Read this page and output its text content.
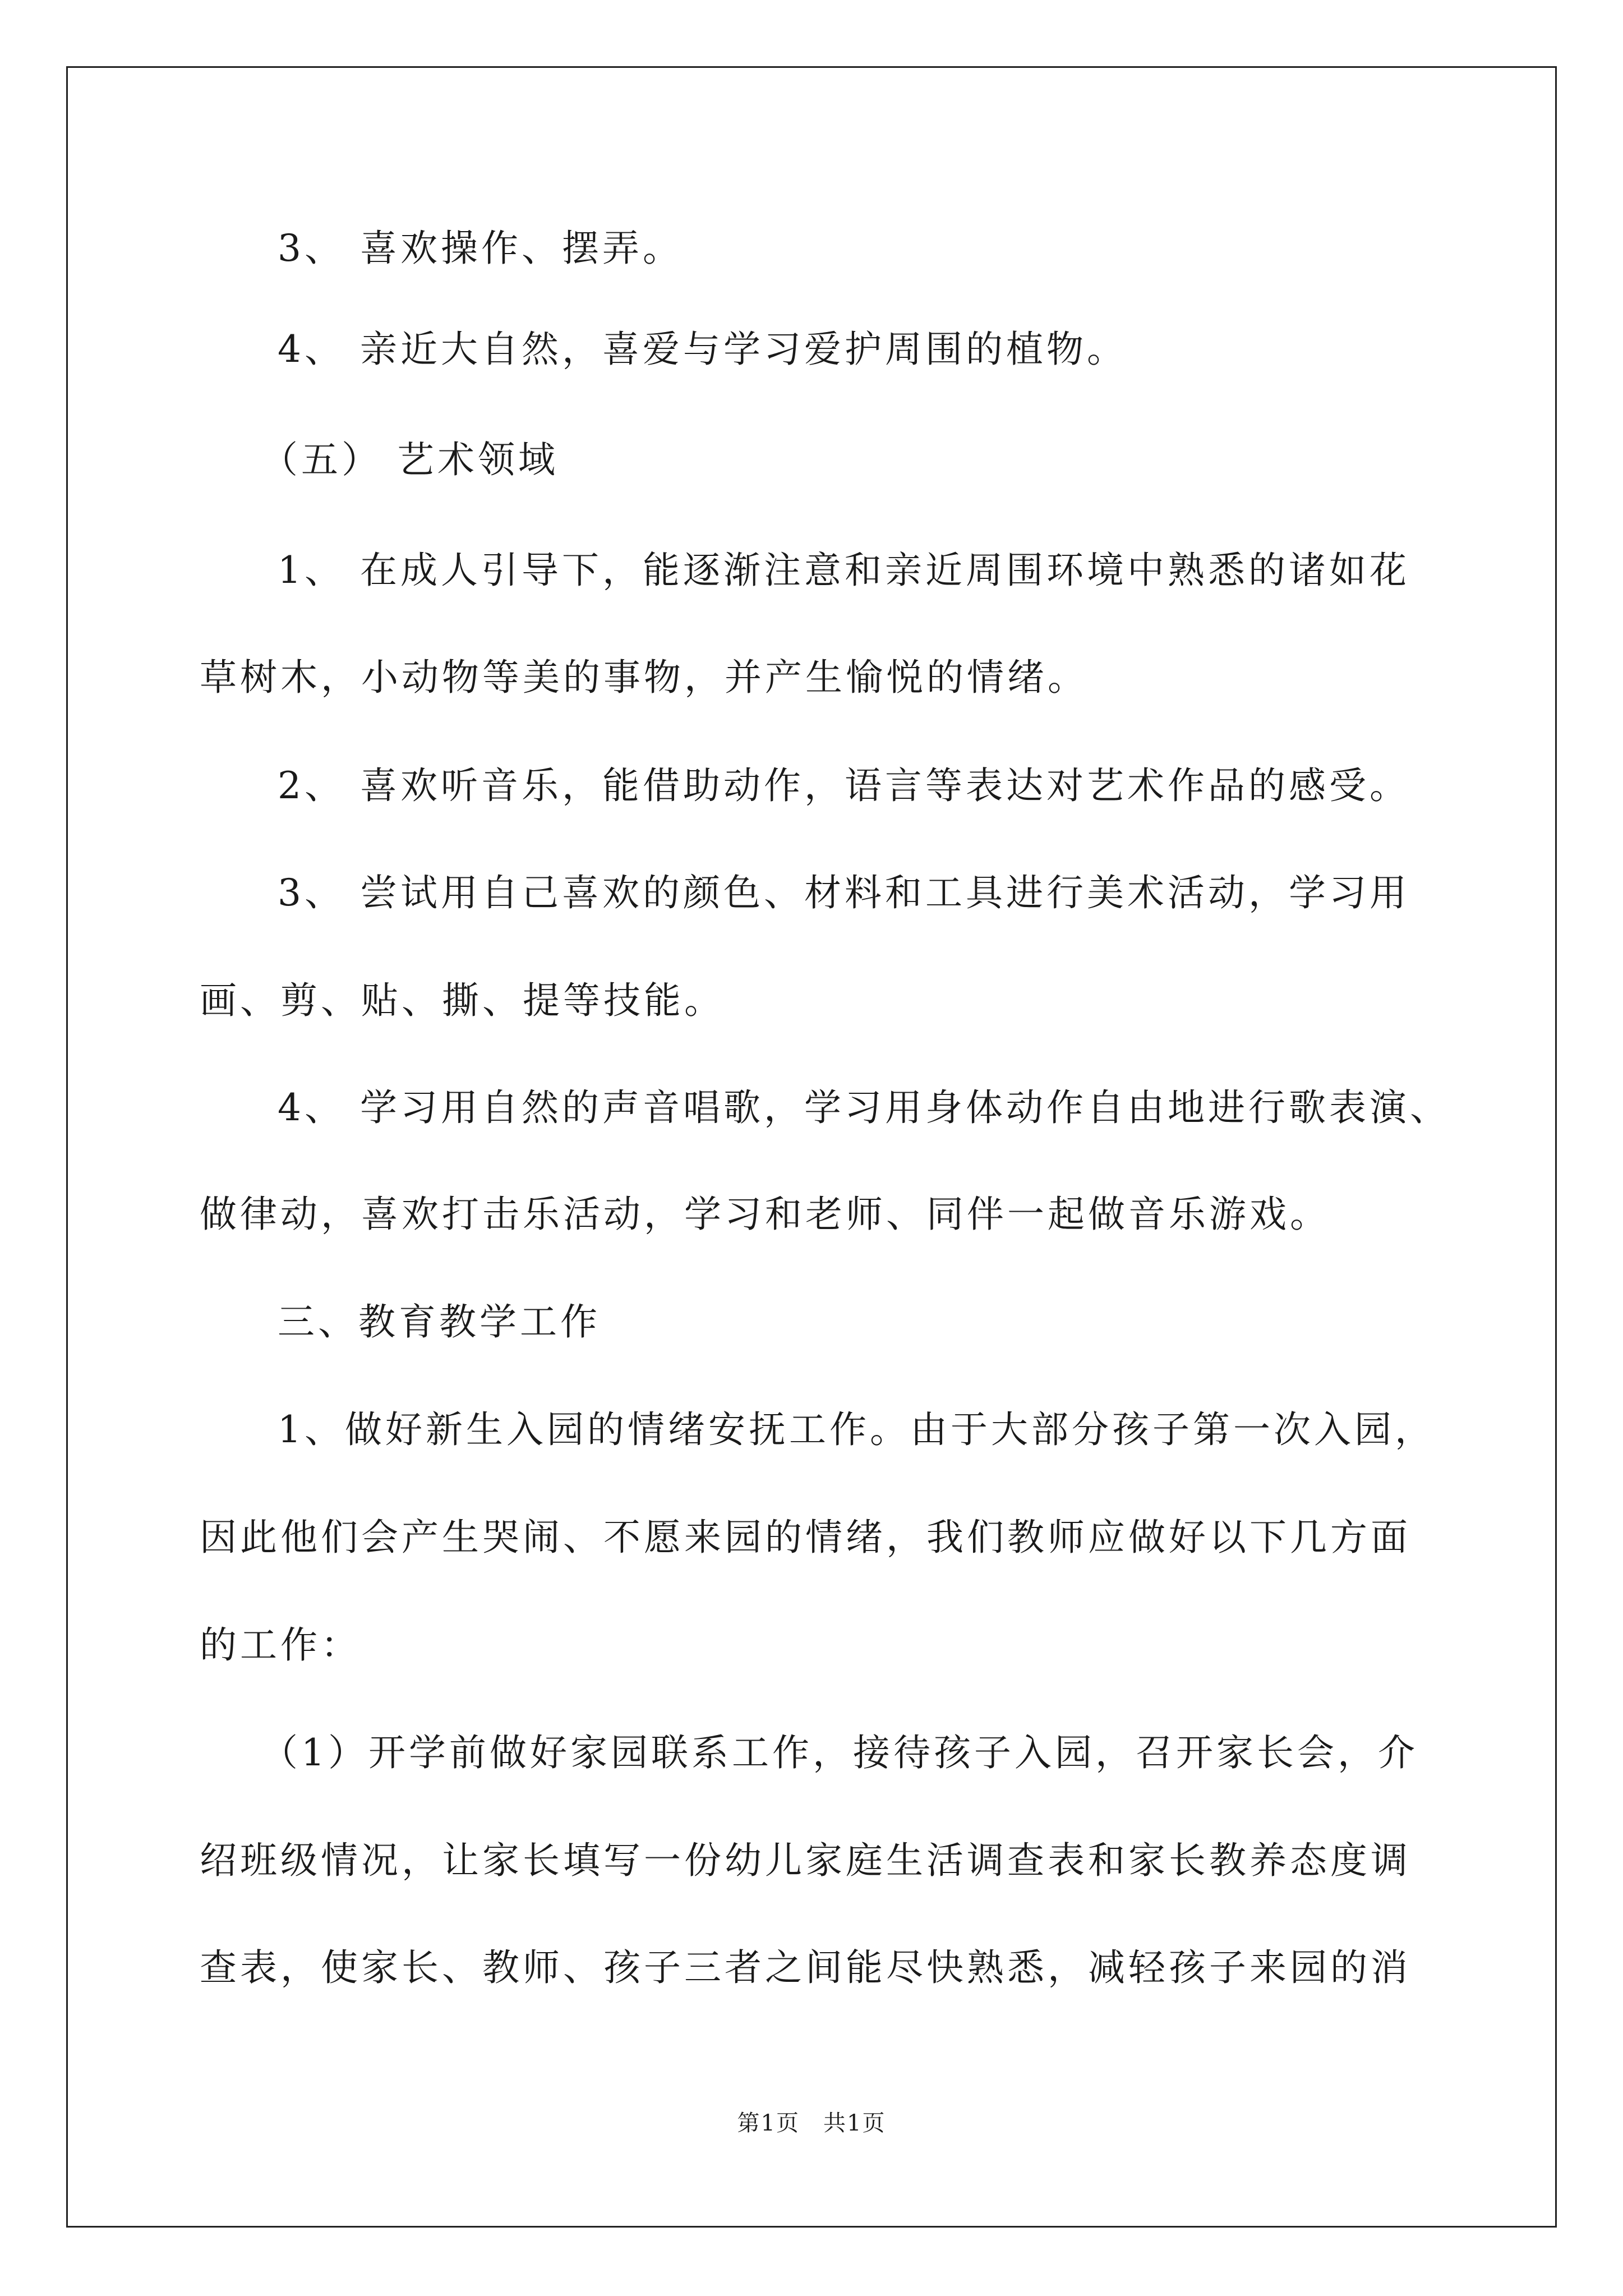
3、 喜欢操作、摆弄。
4、 亲近大自然，喜爱与学习爱护周围的植物。
（五） 艺术领域
1、 在成人引导下，能逐渐注意和亲近周围环境中熟悉的诸如花
草树木，小动物等美的事物，并产生愉悦的情绪。
2、 喜欢听音乐，能借助动作，语言等表达对艺术作品的感受。
3、 尝试用自己喜欢的颜色、材料和工具进行美术活动，学习用
画、剪、贴、撕、提等技能。
4、 学习用自然的声音唱歌，学习用身体动作自由地进行歌表演、
做律动，喜欢打击乐活动，学习和老师、同伴一起做音乐游戏。
三、教育教学工作
1、做好新生入园的情绪安抚工作。由于大部分孩子第一次入园，
因此他们会产生哭闹、不愿来园的情绪，我们教师应做好以下几方面
的工作：
（1）开学前做好家园联系工作，接待孩子入园，召开家长会，介
绍班级情况，让家长填写一份幼儿家庭生活调查表和家长教养态度调
查表，使家长、教师、孩子三者之间能尽快熟悉，减轻孩子来园的消
第1页　共1页
